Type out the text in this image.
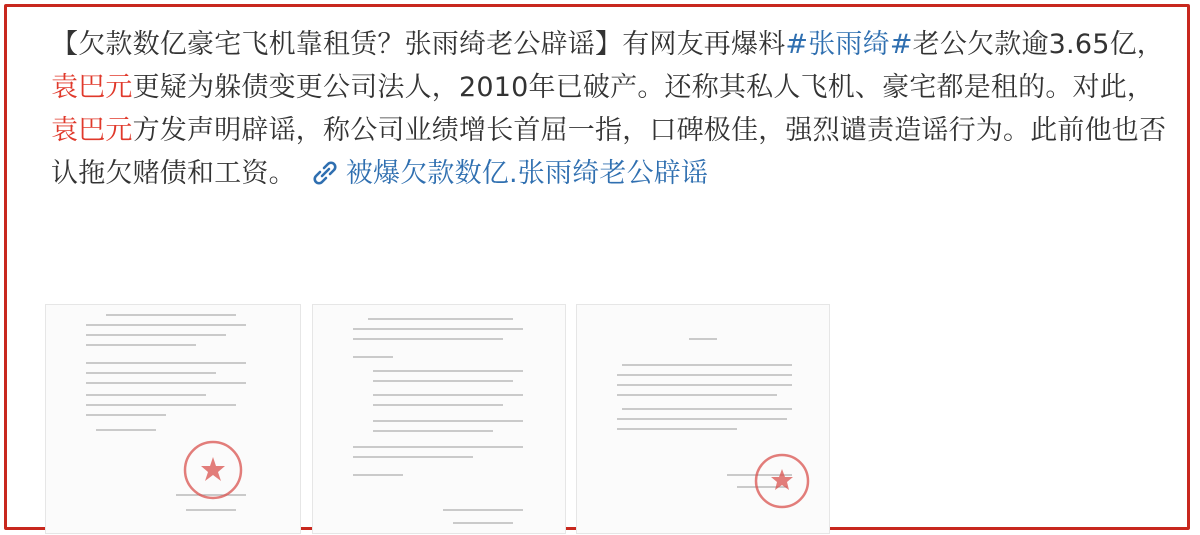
【欠款数亿豪宅飞机靠租赁？张雨绮老公辟谣】有网友再爆料#张雨绮#老公欠款逾3.65亿，袁巴元更疑为躲债变更公司法人，2010年已破产。还称其私人飞机、豪宅都是租的。对此，袁巴元方发声明辟谣，称公司业绩增长首屈一指，口碑极佳，强烈谴责造谣行为。此前他也否认拖欠赌债和工资。 被爆欠款数亿.张雨绮老公辟谣
